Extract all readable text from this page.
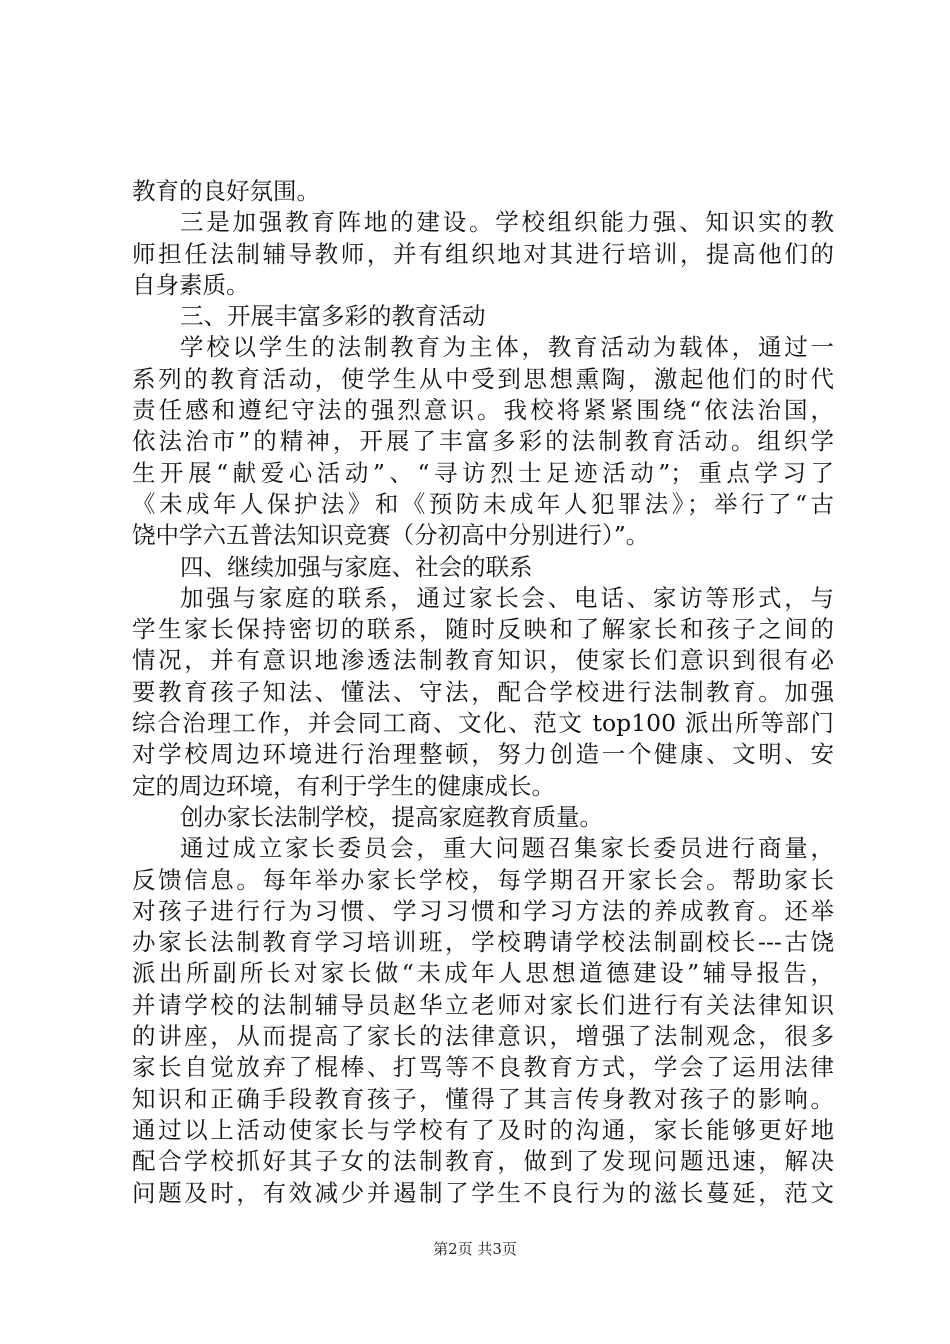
教育的良好氛围。
三是加强教育阵地的建设。学校组织能力强、知识实的教
师担任法制辅导教师，并有组织地对其进行培训，提高他们的
自身素质。
三、开展丰富多彩的教育活动
学校以学生的法制教育为主体，教育活动为载体，通过一
系列的教育活动，使学生从中受到思想熏陶，激起他们的时代
责任感和遵纪守法的强烈意识。我校将紧紧围绕“依法治国，
依法治市”的精神，开展了丰富多彩的法制教育活动。组织学
生开展“献爱心活动”、“寻访烈士足迹活动”；重点学习了
《未成年人保护法》和《预防未成年人犯罪法》；举行了“古
饶中学六五普法知识竞赛（分初高中分别进行）”。
四、继续加强与家庭、社会的联系
加强与家庭的联系，通过家长会、电话、家访等形式，与
学生家长保持密切的联系，随时反映和了解家长和孩子之间的
情况，并有意识地渗透法制教育知识，使家长们意识到很有必
要教育孩子知法、懂法、守法，配合学校进行法制教育。加强
综合治理工作，并会同工商、文化、范文 top100 派出所等部门
对学校周边环境进行治理整顿，努力创造一个健康、文明、安
定的周边环境，有利于学生的健康成长。
创办家长法制学校，提高家庭教育质量。
通过成立家长委员会，重大问题召集家长委员进行商量，
反馈信息。每年举办家长学校，每学期召开家长会。帮助家长
对孩子进行行为习惯、学习习惯和学习方法的养成教育。还举
办家长法制教育学习培训班，学校聘请学校法制副校长---古饶
派出所副所长对家长做“未成年人思想道德建设”辅导报告，
并请学校的法制辅导员赵华立老师对家长们进行有关法律知识
的讲座，从而提高了家长的法律意识，增强了法制观念，很多
家长自觉放弃了棍棒、打骂等不良教育方式，学会了运用法律
知识和正确手段教育孩子，懂得了其言传身教对孩子的影响。
通过以上活动使家长与学校有了及时的沟通，家长能够更好地
配合学校抓好其子女的法制教育，做到了发现问题迅速，解决
问题及时，有效减少并遏制了学生不良行为的滋长蔓延，范文
第2页 共3页
